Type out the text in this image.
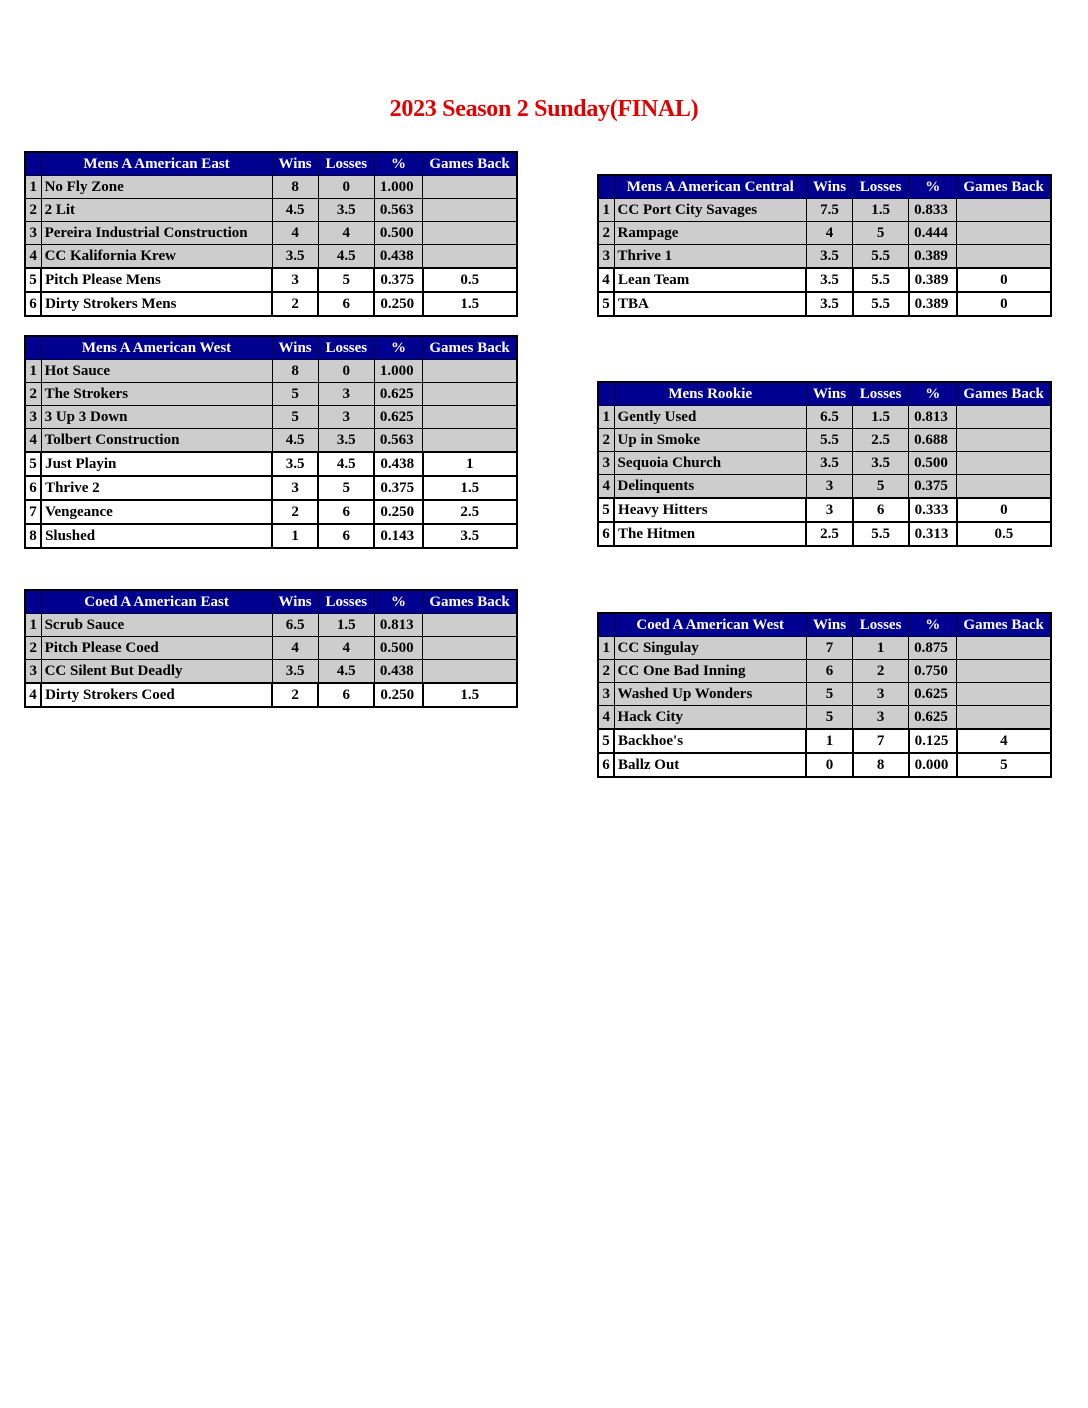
2023 Season 2 Sunday(FINAL)
	Mens A American East	Wins	Losses	%	Games Back
1	No Fly Zone	8	0	1.000	
2	2 Lit	4.5	3.5	0.563	
3	Pereira Industrial Construction	4	4	0.500	
4	CC Kalifornia Krew	3.5	4.5	0.438	
5	Pitch Please Mens	3	5	0.375	0.5
6	Dirty Strokers Mens	2	6	0.250	1.5
	Mens A American West	Wins	Losses	%	Games Back
1	Hot Sauce	8	0	1.000	
2	The Strokers	5	3	0.625	
3	3 Up 3 Down	5	3	0.625	
4	Tolbert Construction	4.5	3.5	0.563	
5	Just Playin	3.5	4.5	0.438	1
6	Thrive 2	3	5	0.375	1.5
7	Vengeance	2	6	0.250	2.5
8	Slushed	1	6	0.143	3.5
	Coed A American East	Wins	Losses	%	Games Back
1	Scrub Sauce	6.5	1.5	0.813	
2	Pitch Please Coed	4	4	0.500	
3	CC Silent But Deadly	3.5	4.5	0.438	
4	Dirty Strokers Coed	2	6	0.250	1.5
	Mens A American Central	Wins	Losses	%	Games Back
1	CC Port City Savages	7.5	1.5	0.833	
2	Rampage	4	5	0.444	
3	Thrive 1	3.5	5.5	0.389	
4	Lean Team	3.5	5.5	0.389	0
5	TBA	3.5	5.5	0.389	0
	Mens Rookie	Wins	Losses	%	Games Back
1	Gently Used	6.5	1.5	0.813	
2	Up in Smoke	5.5	2.5	0.688	
3	Sequoia Church	3.5	3.5	0.500	
4	Delinquents	3	5	0.375	
5	Heavy Hitters	3	6	0.333	0
6	The Hitmen	2.5	5.5	0.313	0.5
	Coed A American West	Wins	Losses	%	Games Back
1	CC Singulay	7	1	0.875	
2	CC One Bad Inning	6	2	0.750	
3	Washed Up Wonders	5	3	0.625	
4	Hack City	5	3	0.625	
5	Backhoe's	1	7	0.125	4
6	Ballz Out	0	8	0.000	5
